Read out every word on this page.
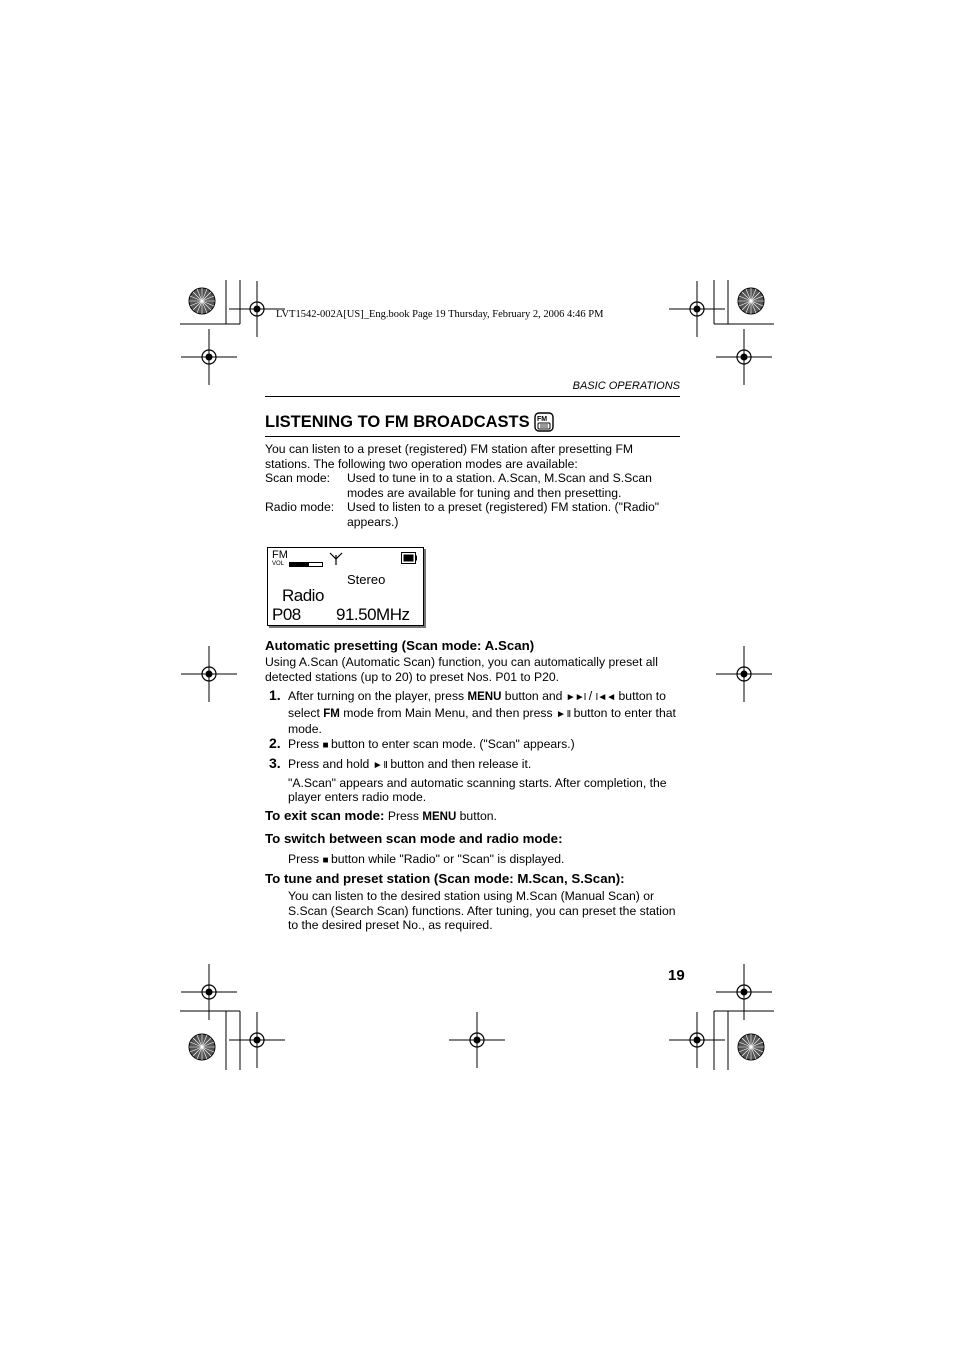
LVT1542-002A[US]_Eng.book Page 19 Thursday, February 2, 2006 4:46 PM
BASIC OPERATIONS
LISTENING TO FM BROADCASTS FM

You can listen to a preset (registered) FM station after presetting FM stations. The following two operation modes are available:

Scan mode:	Used to tune in to a station. A.Scan, M.Scan and S.Scan modes are available for tuning and then presetting.
Radio mode:	Used to listen to a preset (registered) FM station. ("Radio" appears.)
FM
VOL
Stereo
Radio
P08 91.50MHz
Automatic presetting (Scan mode: A.Scan)
Using A.Scan (Automatic Scan) function, you can automatically preset all detected stations (up to 20) to preset Nos. P01 to P20.
1. After turning on the player, press MENU button and ►►I / I◄◄ button to select FM mode from Main Menu, and then press ► II button to enter that mode.
2. Press ■ button to enter scan mode. ("Scan" appears.)
3. Press and hold ► II button and then release it.

"A.Scan" appears and automatic scanning starts. After completion, the player enters radio mode.
To exit scan mode: Press MENU button.
To switch between scan mode and radio mode:
Press ■ button while "Radio" or "Scan" is displayed.
To tune and preset station (Scan mode: M.Scan, S.Scan):
You can listen to the desired station using M.Scan (Manual Scan) or S.Scan (Search Scan) functions. After tuning, you can preset the station to the desired preset No., as required.
19
